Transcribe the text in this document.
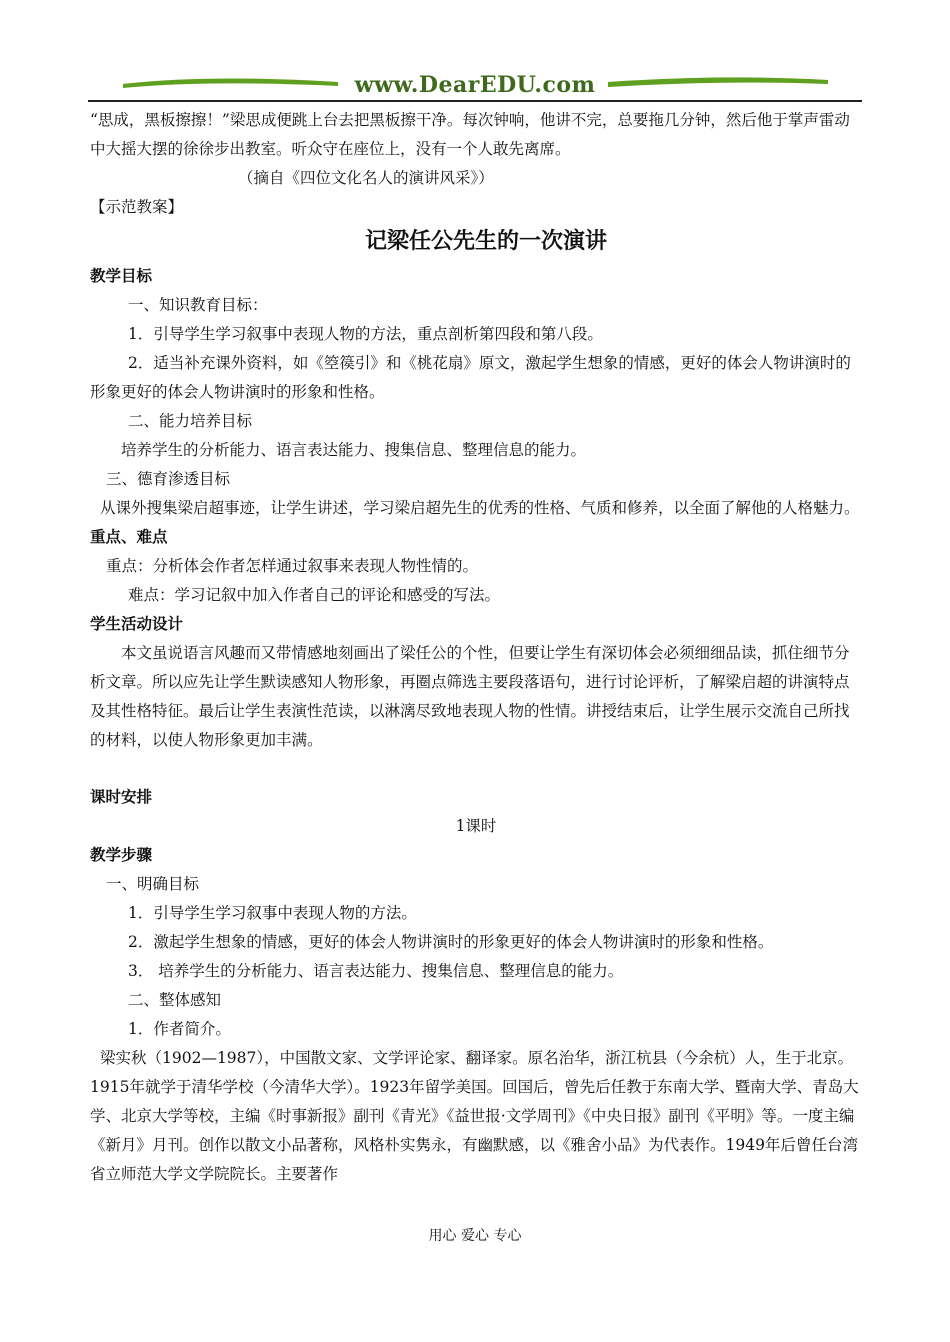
www.DearEDU.com

“思成，黑板擦擦！”梁思成便跳上台去把黑板擦干净。每次钟响，他讲不完，总要拖几分钟，然后他于掌声雷动中大摇大摆的徐徐步出教室。听众守在座位上，没有一个人敢先离席。

（摘自《四位文化名人的演讲风采》）

【示范教案】

记梁任公先生的一次演讲

教学目标

一、知识教育目标：

1．引导学生学习叙事中表现人物的方法，重点剖析第四段和第八段。

2．适当补充课外资料，如《箜篌引》和《桃花扇》原文，激起学生想象的情感，更好的体会人物讲演时的形象更好的体会人物讲演时的形象和性格。

二、能力培养目标

培养学生的分析能力、语言表达能力、搜集信息、整理信息的能力。

三、德育渗透目标

从课外搜集梁启超事迹，让学生讲述，学习梁启超先生的优秀的性格、气质和修养，以全面了解他的人格魅力。

重点、难点

重点：分析体会作者怎样通过叙事来表现人物性情的。

难点：学习记叙中加入作者自己的评论和感受的写法。

学生活动设计

本文虽说语言风趣而又带情感地刻画出了梁任公的个性，但要让学生有深切体会必须细细品读，抓住细节分析文章。所以应先让学生默读感知人物形象，再圈点筛选主要段落语句，进行讨论评析，了解梁启超的讲演特点及其性格特征。最后让学生表演性范读，以淋漓尽致地表现人物的性情。讲授结束后，让学生展示交流自己所找的材料，以使人物形象更加丰满。

课时安排

1课时

教学步骤

一、明确目标

1．引导学生学习叙事中表现人物的方法。

2．激起学生想象的情感，更好的体会人物讲演时的形象更好的体会人物讲演时的形象和性格。

3． 培养学生的分析能力、语言表达能力、搜集信息、整理信息的能力。

二、整体感知

1．作者简介。

梁实秋（1902—1987），中国散文家、文学评论家、翻译家。原名治华，浙江杭县（今余杭）人，生于北京。1915年就学于清华学校（今清华大学）。1923年留学美国。回国后，曾先后任教于东南大学、暨南大学、青岛大学、北京大学等校，主编《时事新报》副刊《青光》《益世报·文学周刊》《中央日报》副刊《平明》等。一度主编《新月》月刊。创作以散文小品著称，风格朴实隽永，有幽默感，以《雅舍小品》为代表作。1949年后曾任台湾省立师范大学文学院院长。主要著作

用心 爱心 专心
